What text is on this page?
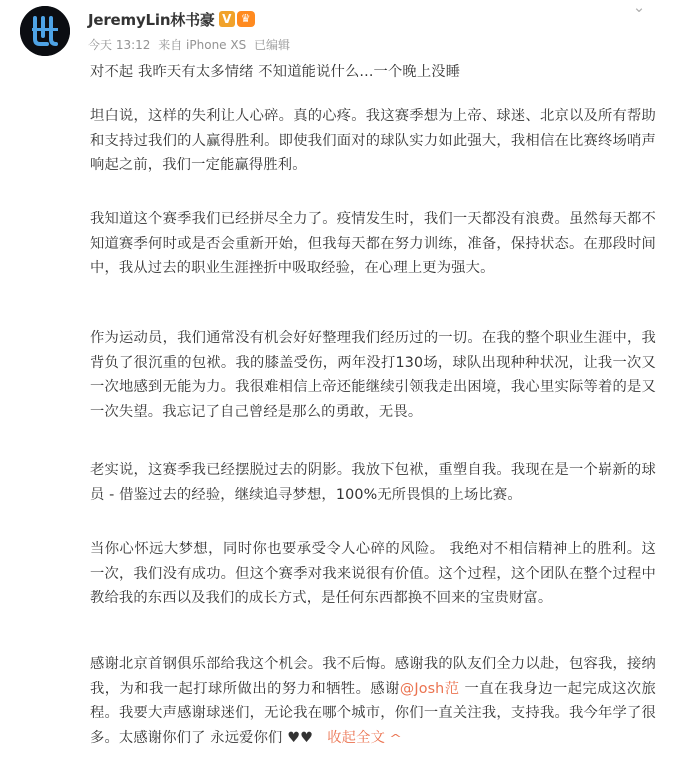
JeremyLin林书豪 V ♛
今天 13:12 来自 iPhone XS 已编辑
⌄
对不起 我昨天有太多情绪 不知道能说什么...一个晚上没睡
坦白说，这样的失利让人心碎。真的心疼。我这赛季想为上帝、球迷、北京以及所有帮助和支持过我们的人赢得胜利。即使我们面对的球队实力如此强大，我相信在比赛终场哨声响起之前，我们一定能赢得胜利。
我知道这个赛季我们已经拼尽全力了。疫情发生时，我们一天都没有浪费。虽然每天都不知道赛季何时或是否会重新开始，但我每天都在努力训练，准备，保持状态。在那段时间中，我从过去的职业生涯挫折中吸取经验，在心理上更为强大。
作为运动员，我们通常没有机会好好整理我们经历过的一切。在我的整个职业生涯中，我背负了很沉重的包袱。我的膝盖受伤，两年没打130场，球队出现种种状况，让我一次又一次地感到无能为力。我很难相信上帝还能继续引领我走出困境，我心里实际等着的是又一次失望。我忘记了自己曾经是那么的勇敢，无畏。
老实说，这赛季我已经摆脱过去的阴影。我放下包袱，重塑自我。我现在是一个崭新的球员 - 借鉴过去的经验，继续追寻梦想，100%无所畏惧的上场比赛。
当你心怀远大梦想，同时你也要承受令人心碎的风险。 我绝对不相信精神上的胜利。这一次，我们没有成功。但这个赛季对我来说很有价值。这个过程，这个团队在整个过程中教给我的东西以及我们的成长方式，是任何东西都换不回来的宝贵财富。
感谢北京首钢俱乐部给我这个机会。我不后悔。感谢我的队友们全力以赴，包容我，接纳我，为和我一起打球所做出的努力和牺牲。感谢@Josh范 一直在我身边一起完成这次旅程。我要大声感谢球迷们，无论我在哪个城市，你们一直关注我，支持我。我今年学了很多。太感谢你们了 永远爱你们 ♥♥ 收起全文 ^
